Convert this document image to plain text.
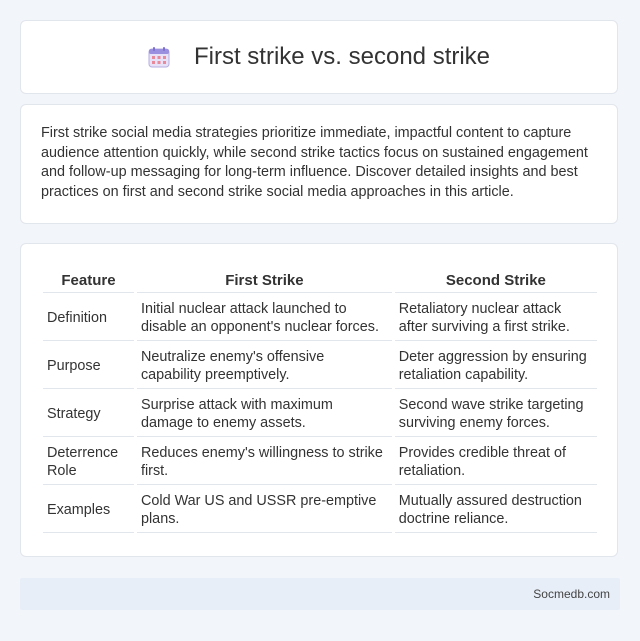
First strike vs. second strike

First strike social media strategies prioritize immediate, impactful content to capture audience attention quickly, while second strike tactics focus on sustained engagement and follow-up messaging for long-term influence. Discover detailed insights and best practices on first and second strike social media approaches in this article.

Feature	First Strike	Second Strike
Definition	Initial nuclear attack launched to disable an opponent's nuclear forces.	Retaliatory nuclear attack after surviving a first strike.
Purpose	Neutralize enemy's offensive capability preemptively.	Deter aggression by ensuring retaliation capability.
Strategy	Surprise attack with maximum damage to enemy assets.	Second wave strike targeting surviving enemy forces.
Deterrence Role	Reduces enemy's willingness to strike first.	Provides credible threat of retaliation.
Examples	Cold War US and USSR pre-emptive plans.	Mutually assured destruction doctrine reliance.
Socmedb.com
